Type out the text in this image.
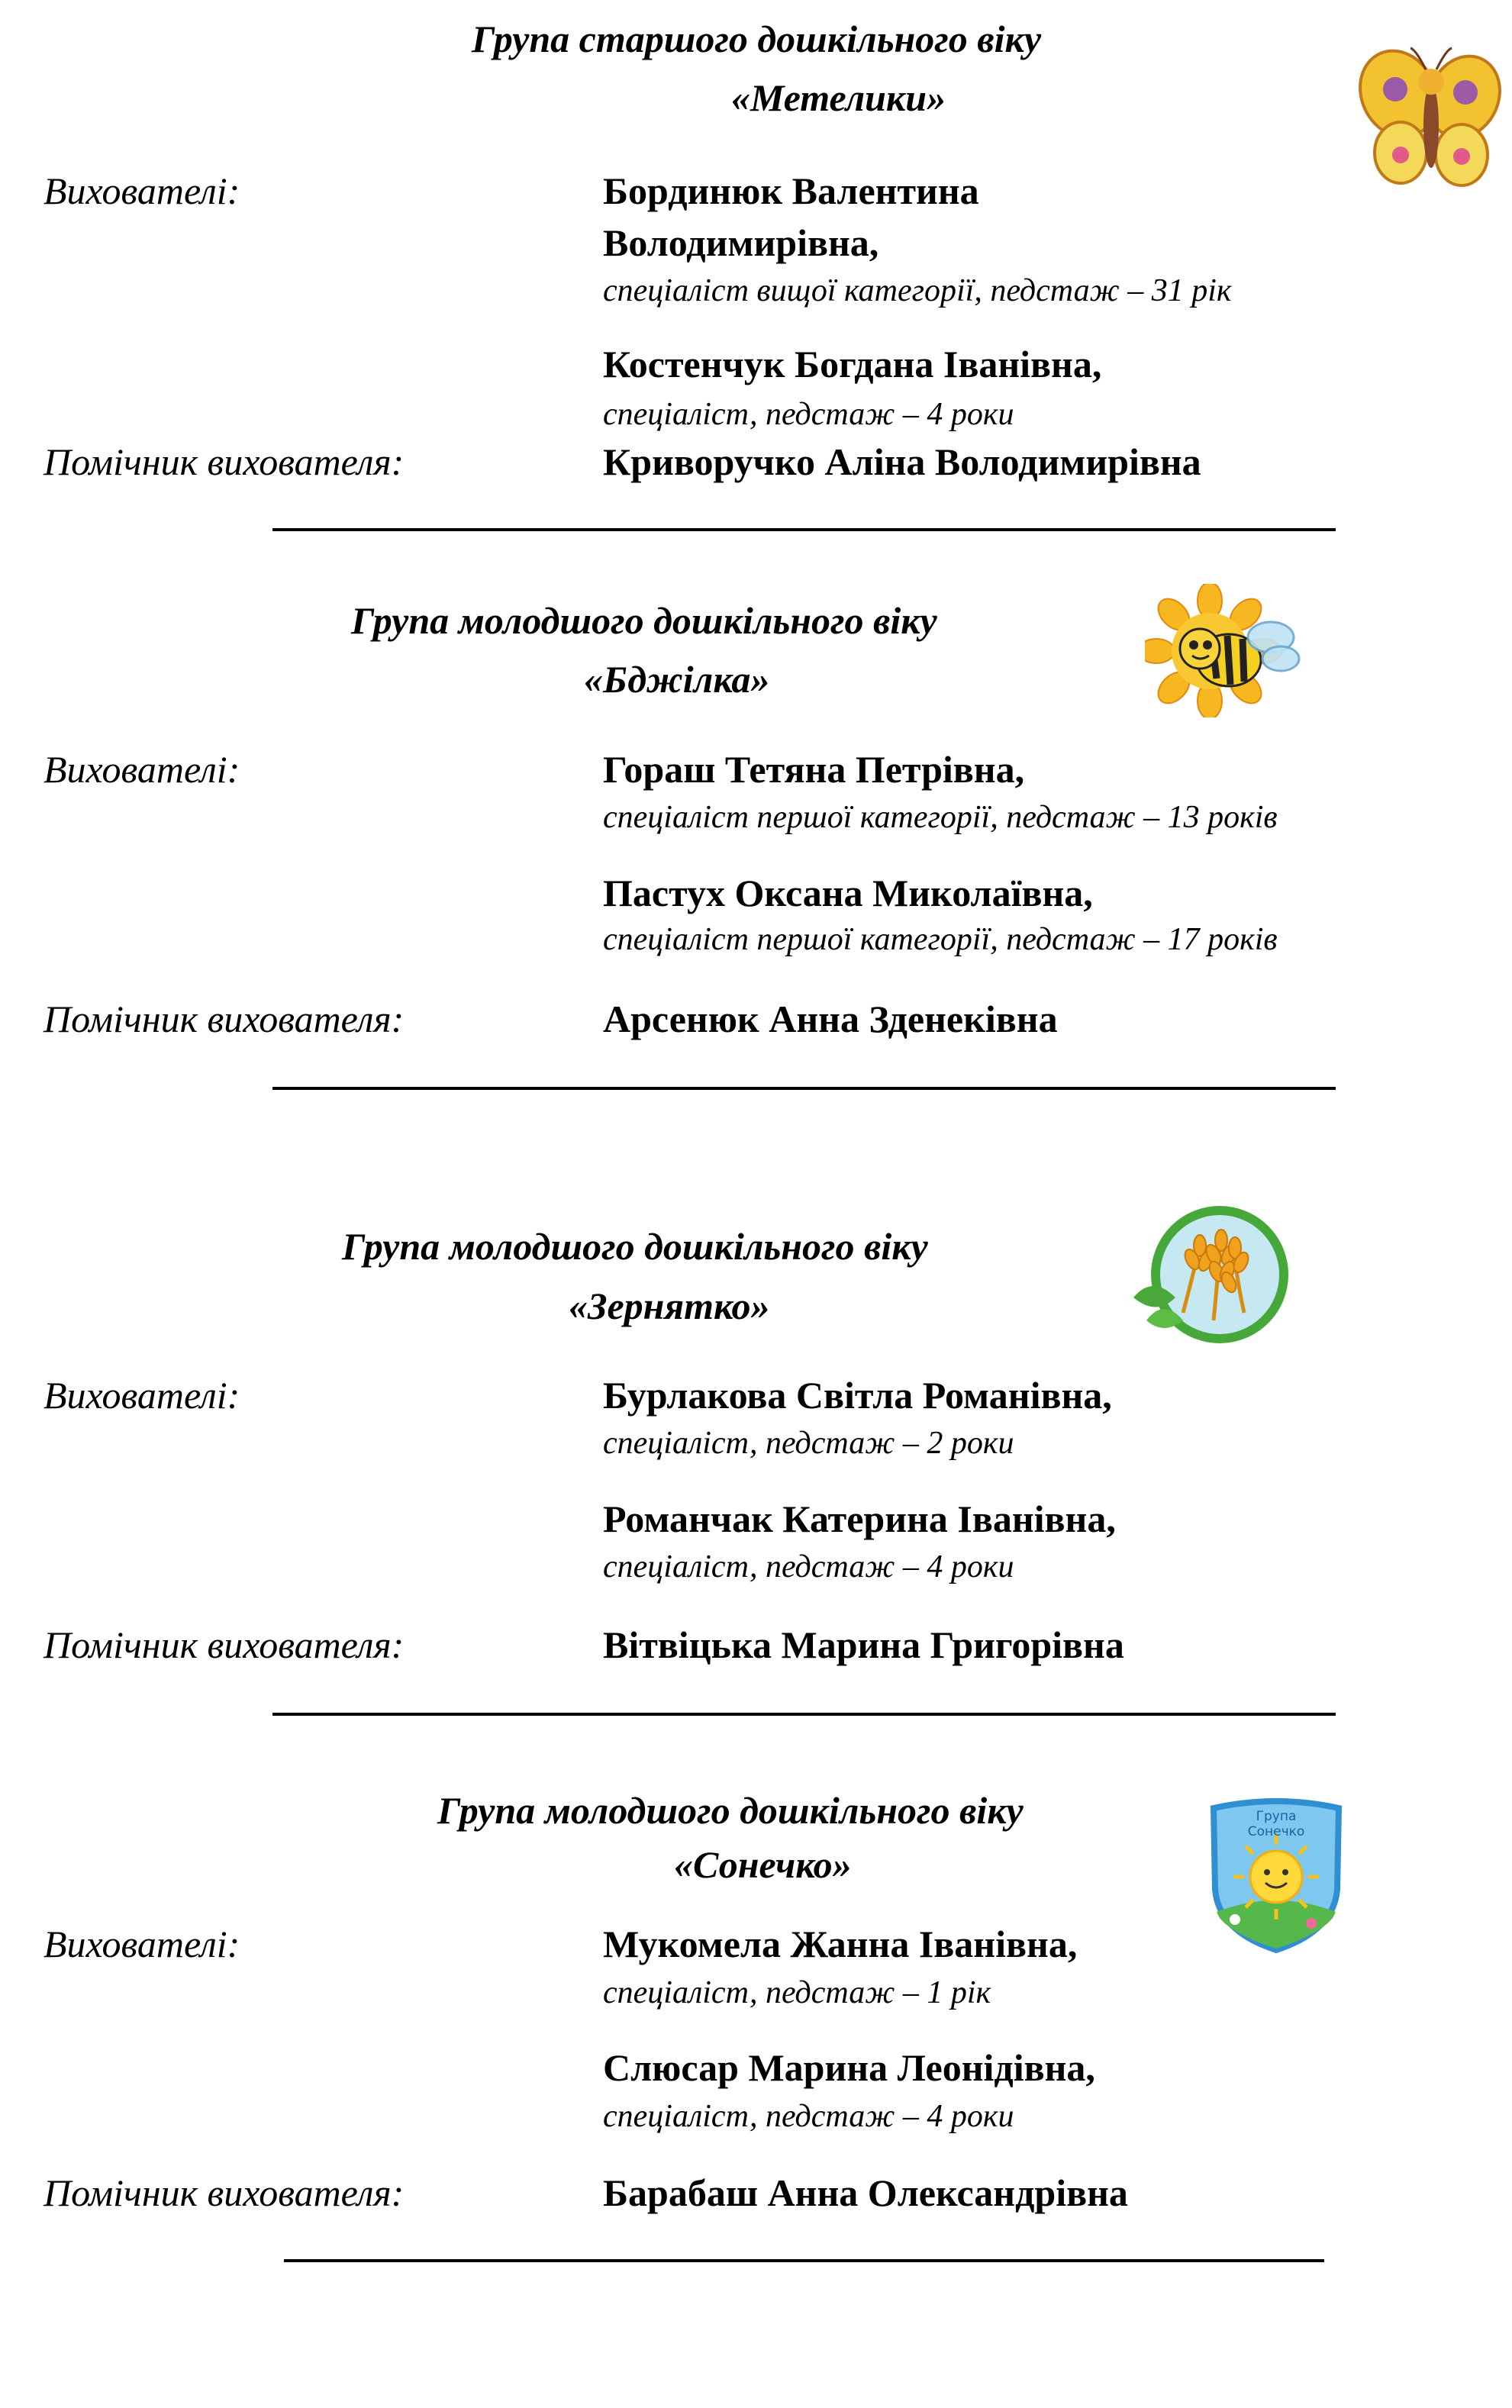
Група старшого дошкільного віку
«Метелики»
Вихователі:	Бординюк Валентина
Володимирівна,
спеціаліст вищої категорії, педстаж – 31 рік
Костенчук Богдана Іванівна,
спеціаліст, педстаж – 4 роки
Помічник вихователя:	Криворучко Аліна Володимирівна
Група молодшого дошкільного віку
«Бджілка»
Вихователі:	Гораш Тетяна Петрівна,
спеціаліст першої категорії, педстаж – 13 років
Пастух Оксана Миколаївна,
спеціаліст першої категорії, педстаж – 17 років
Помічник вихователя:	Арсенюк Анна Зденеківна
Група молодшого дошкільного віку
«Зернятко»
Вихователі:	Бурлакова Світла Романівна,
спеціаліст, педстаж – 2 роки
Романчак Катерина Іванівна,
спеціаліст, педстаж – 4 роки
Помічник вихователя:	Вітвіцька Марина Григорівна
Група молодшого дошкільного віку
«Сонечко»
Група
Сонечко
Вихователі:	Мукомела Жанна Іванівна,
спеціаліст, педстаж – 1 рік
Слюсар Марина Леонідівна,
спеціаліст, педстаж – 4 роки
Помічник вихователя:	Барабаш Анна Олександрівна
